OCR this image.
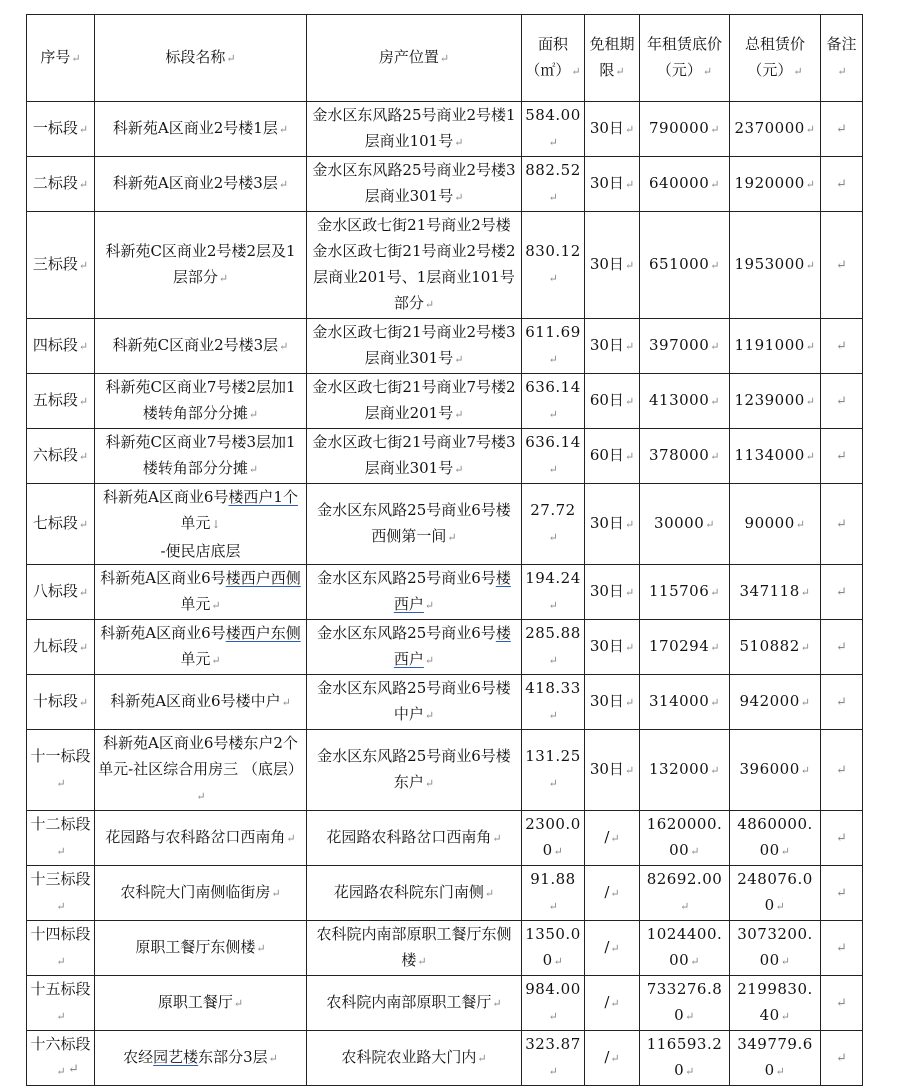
序号↵	标段名称↵	房产位置↵	面积（㎡）↵	免租期限↵	年租赁底价（元）↵	总租赁价（元）↵	备注↵
一标段↵	科新苑A区商业2号楼1层↵	金水区东风路25号商业2号楼1层商业101号↵	584.00↵	30日↵	790000↵	2370000↵	↵
二标段↵	科新苑A区商业2号楼3层↵	金水区东风路25号商业2号楼3层商业301号↵	882.52↵	30日↵	640000↵	1920000↵	↵
三标段↵	科新苑C区商业2号楼2层及1层部分↵	金水区政七街21号商业2号楼金水区政七街21号商业2号楼2层商业201号、1层商业101号部分↵	830.12↵	30日↵	651000↵	1953000↵	↵
四标段↵	科新苑C区商业2号楼3层↵	金水区政七街21号商业2号楼3层商业301号↵	611.69↵	30日↵	397000↵	1191000↵	↵
五标段↵	科新苑C区商业7号楼2层加1楼转角部分分摊↵	金水区政七街21号商业7号楼2层商业201号↵	636.14↵	60日↵	413000↵	1239000↵	↵
六标段↵	科新苑C区商业7号楼3层加1楼转角部分分摊↵	金水区政七街21号商业7号楼3层商业301号↵	636.14↵	60日↵	378000↵	1134000↵	↵
七标段↵	科新苑A区商业6号楼西户1个单元↓
-便民店底层	金水区东风路25号商业6号楼西侧第一间↵	27.72↵	30日↵	30000↵	90000↵	↵
八标段↵	科新苑A区商业6号楼西户西侧单元↵	金水区东风路25号商业6号楼西户↵	194.24↵	30日↵	115706↵	347118↵	↵
九标段↵	科新苑A区商业6号楼西户东侧单元↵	金水区东风路25号商业6号楼西户↵	285.88↵	30日↵	170294↵	510882↵	↵
十标段↵	科新苑A区商业6号楼中户↵	金水区东风路25号商业6号楼中户↵	418.33↵	30日↵	314000↵	942000↵	↵
十一标段↵	科新苑A区商业6号楼东户2个单元-社区综合用房三 （底层）↵	金水区东风路25号商业6号楼东户↵	131.25↵	30日↵	132000↵	396000↵	↵
十二标段↵	花园路与农科路岔口西南角↵	花园路农科路岔口西南角↵	2300.00↵	/↵	1620000.00↵	4860000.00↵	↵
十三标段↵	农科院大门南侧临街房↵	花园路农科院东门南侧↵	91.88↵	/↵	82692.00↵	248076.00↵	↵
十四标段↵	原职工餐厅东侧楼↵	农科院内南部原职工餐厅东侧楼↵	1350.00↵	/↵	1024400.00↵	3073200.00↵	↵
十五标段↵	原职工餐厅↵	农科院内南部原职工餐厅↵	984.00↵	/↵	733276.80↵	2199830.40↵	↵
十六标段↵	农经园艺楼东部分3层↵	农科院农业路大门内↵	323.87↵	/↵	116593.20↵	349779.60↵	↵
↵
